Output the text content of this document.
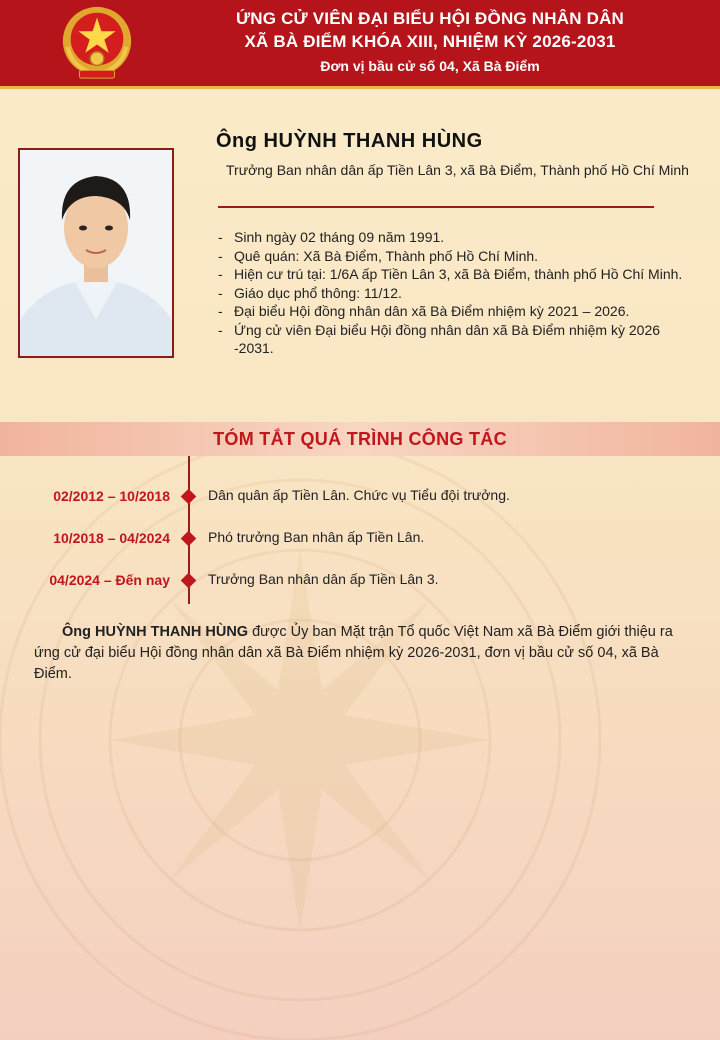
ỨNG CỬ VIÊN ĐẠI BIỂU HỘI ĐỒNG NHÂN DÂN
XÃ BÀ ĐIỂM KHÓA XIII, NHIỆM KỲ 2026-2031
Đơn vị bầu cử số 04, Xã Bà Điểm
Ông HUỲNH THANH HÙNG
Trưởng Ban nhân dân ấp Tiền Lân 3, xã Bà Điểm, Thành phố Hồ Chí Minh
- Sinh ngày 02 tháng 09 năm 1991.
- Quê quán: Xã Bà Điểm, Thành phố Hồ Chí Minh.
- Hiện cư trú tại: 1/6A ấp Tiền Lân 3, xã Bà Điểm, thành phố Hồ Chí Minh.
- Giáo dục phổ thông: 11/12.
- Đại biểu Hội đồng nhân dân xã Bà Điểm nhiệm kỳ 2021 – 2026.
- Ứng cử viên Đại biểu Hội đồng nhân dân xã Bà Điểm nhiệm kỳ 2026 -2031.
TÓM TẮT QUÁ TRÌNH CÔNG TÁC
02/2012 – 10/2018	Dân quân ấp Tiền Lân. Chức vụ Tiểu đội trưởng.
10/2018 – 04/2024	Phó trưởng Ban nhân ấp Tiền Lân.
04/2024 – Đến nay	Trưởng Ban nhân dân ấp Tiền Lân 3.

Ông HUỲNH THANH HÙNG được Ủy ban Mặt trận Tổ quốc Việt Nam xã Bà Điểm giới thiệu ra ứng cử đại biểu Hội đồng nhân dân xã Bà Điểm nhiệm kỳ 2026-2031, đơn vị bầu cử số 04, xã Bà Điểm.
